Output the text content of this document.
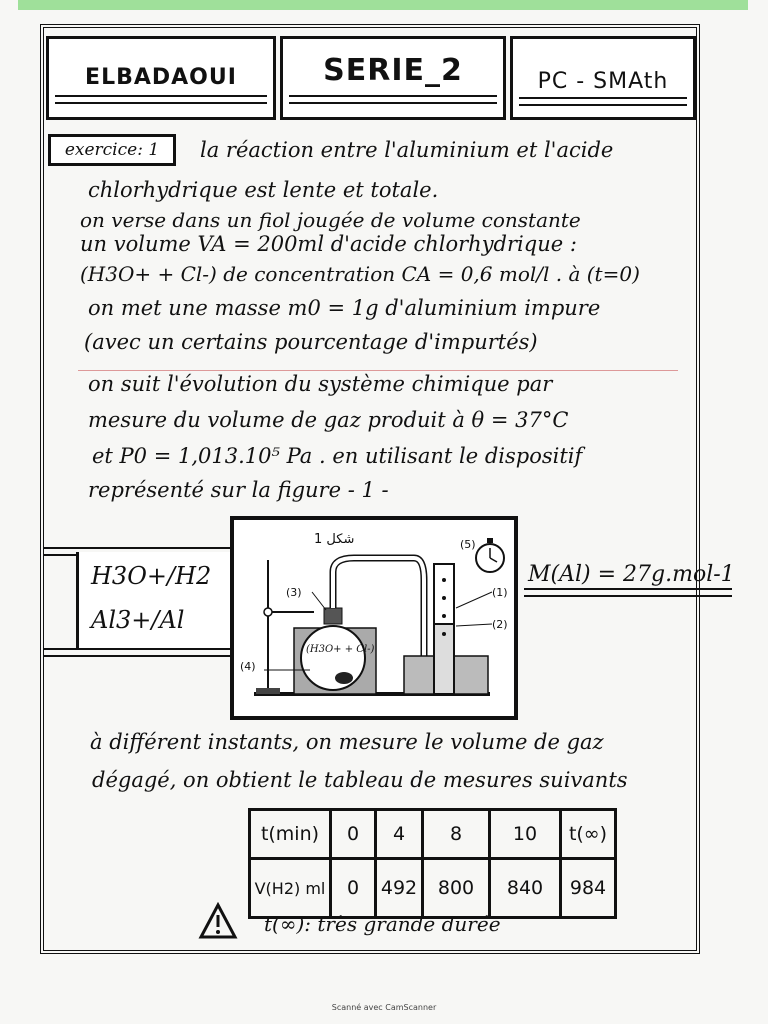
ELBADAOUI	SERIE_2	PC - SMAth
exercice: 1	la réaction entre l'aluminium et l'acide
chlorhydrique est lente et totale.
on verse dans un fiol jougée de volume constante
un volume VA = 200ml d'acide chlorhydrique :
(H3O+ + Cl-) de concentration CA = 0,6 mol/l . à (t=0)
on met une masse m0 = 1g d'aluminium impure
(avec un certains pourcentage d'impurtés)
on suit l'évolution du système chimique par
mesure du volume de gaz produit à θ = 37°C
et P0 = 1,013.10⁵ Pa . en utilisant le dispositif
représenté sur la figure - 1 -
H3O+/H2
Al3+/Al
شكل 1	(5)
(1)
(2)
(3)
(4)
(H3O+ + Cl-)
M(Al) = 27g.mol-1
à différent instants, on mesure le volume de gaz
dégagé, on obtient le tableau de mesures suivants
t(min)	0	4	8	10	t(∞)
V(H2) ml	0	492	800	840	984
t(∞): très grande durée
Scanné avec CamScanner
